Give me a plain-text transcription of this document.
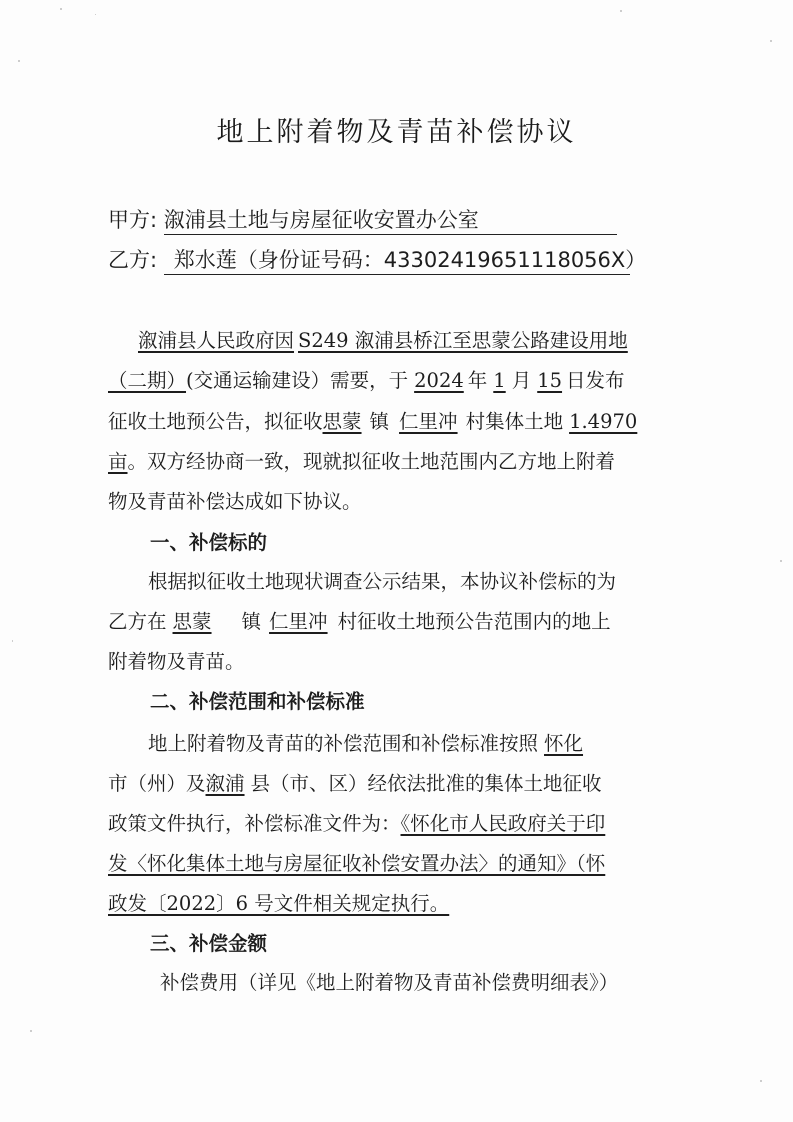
地上附着物及青苗补偿协议
甲方: 溆浦县土地与房屋征收安置办公室
乙方: 郑水莲（身份证号码：43302419651118056X）
溆浦县人民政府因 S249 溆浦县桥江至思蒙公路建设用地
（二期）(交通运输建设）需要，于 2024 年 1 月 15 日发布
征收土地预公告，拟征收思蒙 镇 仁里冲 村集体土地 1.4970
亩。双方经协商一致，现就拟征收土地范围内乙方地上附着
物及青苗补偿达成如下协议。
一、补偿标的
根据拟征收土地现状调查公示结果，本协议补偿标的为
乙方在 思蒙 镇 仁里冲 村征收土地预公告范围内的地上
附着物及青苗。
二、补偿范围和补偿标准
地上附着物及青苗的补偿范围和补偿标准按照 怀化
市（州）及溆浦 县（市、区）经依法批准的集体土地征收
政策文件执行，补偿标准文件为：《怀化市人民政府关于印
发〈怀化集体土地与房屋征收补偿安置办法〉的通知》（怀
政发〔2022〕6 号文件相关规定执行。
三、补偿金额
补偿费用（详见《地上附着物及青苗补偿费明细表》）
